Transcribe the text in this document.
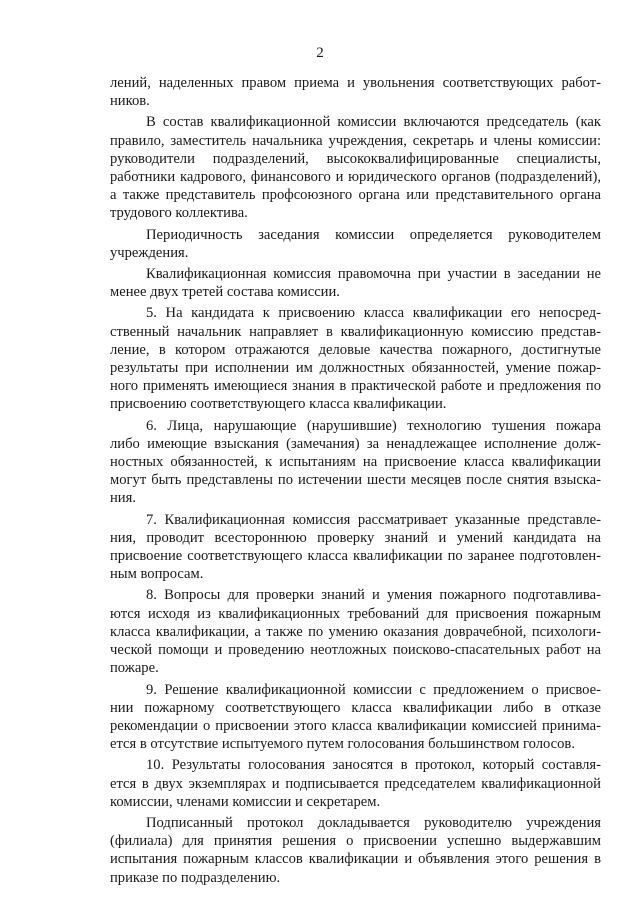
2
лений, наделенных правом приема и увольнения соответствующих работ-
ников.
В состав квалификационной комиссии включаются председатель (как
правило, заместитель начальника учреждения, секретарь и члены комиссии:
руководители подразделений, высококвалифицированные специалисты,
работники кадрового, финансового и юридического органов (подразделений),
а также представитель профсоюзного органа или представительного органа
трудового коллектива.
Периодичность заседания комиссии определяется руководителем
учреждения.
Квалификационная комиссия правомочна при участии в заседании не
менее двух третей состава комиссии.
5. На кандидата к присвоению класса квалификации его непосред-
ственный начальник направляет в квалификационную комиссию представ-
ление, в котором отражаются деловые качества пожарного, достигнутые
результаты при исполнении им должностных обязанностей, умение пожар-
ного применять имеющиеся знания в практической работе и предложения по
присвоению соответствующего класса квалификации.
6. Лица, нарушающие (нарушившие) технологию тушения пожара
либо имеющие взыскания (замечания) за ненадлежащее исполнение долж-
ностных обязанностей, к испытаниям на присвоение класса квалификации
могут быть представлены по истечении шести месяцев после снятия взыска-
ния.
7. Квалификационная комиссия рассматривает указанные представле-
ния, проводит всестороннюю проверку знаний и умений кандидата на
присвоение соответствующего класса квалификации по заранее подготовлен-
ным вопросам.
8. Вопросы для проверки знаний и умения пожарного подготавлива-
ются исходя из квалификационных требований для присвоения пожарным
класса квалификации, а также по умению оказания доврачебной, психологи-
ческой помощи и проведению неотложных поисково-спасательных работ на
пожаре.
9. Решение квалификационной комиссии с предложением о присвое-
нии пожарному соответствующего класса квалификации либо в отказе
рекомендации о присвоении этого класса квалификации комиссией принима-
ется в отсутствие испытуемого путем голосования большинством голосов.
10. Результаты голосования заносятся в протокол, который составля-
ется в двух экземплярах и подписывается председателем квалификационной
комиссии, членами комиссии и секретарем.
Подписанный протокол докладывается руководителю учреждения
(филиала) для принятия решения о присвоении успешно выдержавшим
испытания пожарным классов квалификации и объявления этого решения в
приказе по подразделению.
